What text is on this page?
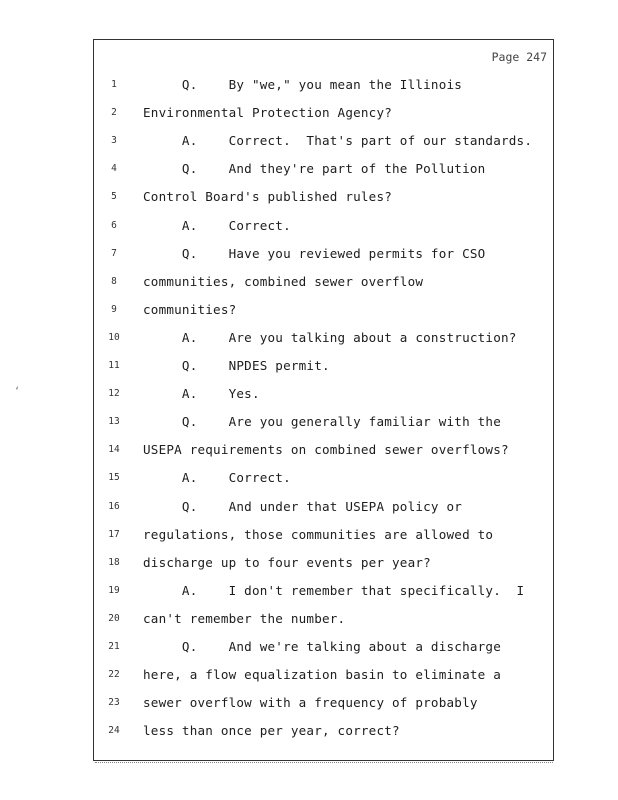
Page 247
1	Q.    By "we," you mean the Illinois
2	Environmental Protection Agency?
3	A.    Correct.  That's part of our standards.
4	Q.    And they're part of the Pollution
5	Control Board's published rules?
6	A.    Correct.
7	Q.    Have you reviewed permits for CSO
8	communities, combined sewer overflow
9	communities?
10	A.    Are you talking about a construction?
11	Q.    NPDES permit.
12	A.    Yes.
13	Q.    Are you generally familiar with the
14	USEPA requirements on combined sewer overflows?
15	A.    Correct.
16	Q.    And under that USEPA policy or
17	regulations, those communities are allowed to
18	discharge up to four events per year?
19	A.    I don't remember that specifically.  I
20	can't remember the number.
21	Q.    And we're talking about a discharge
22	here, a flow equalization basin to eliminate a
23	sewer overflow with a frequency of probably
24	less than once per year, correct?
‘
